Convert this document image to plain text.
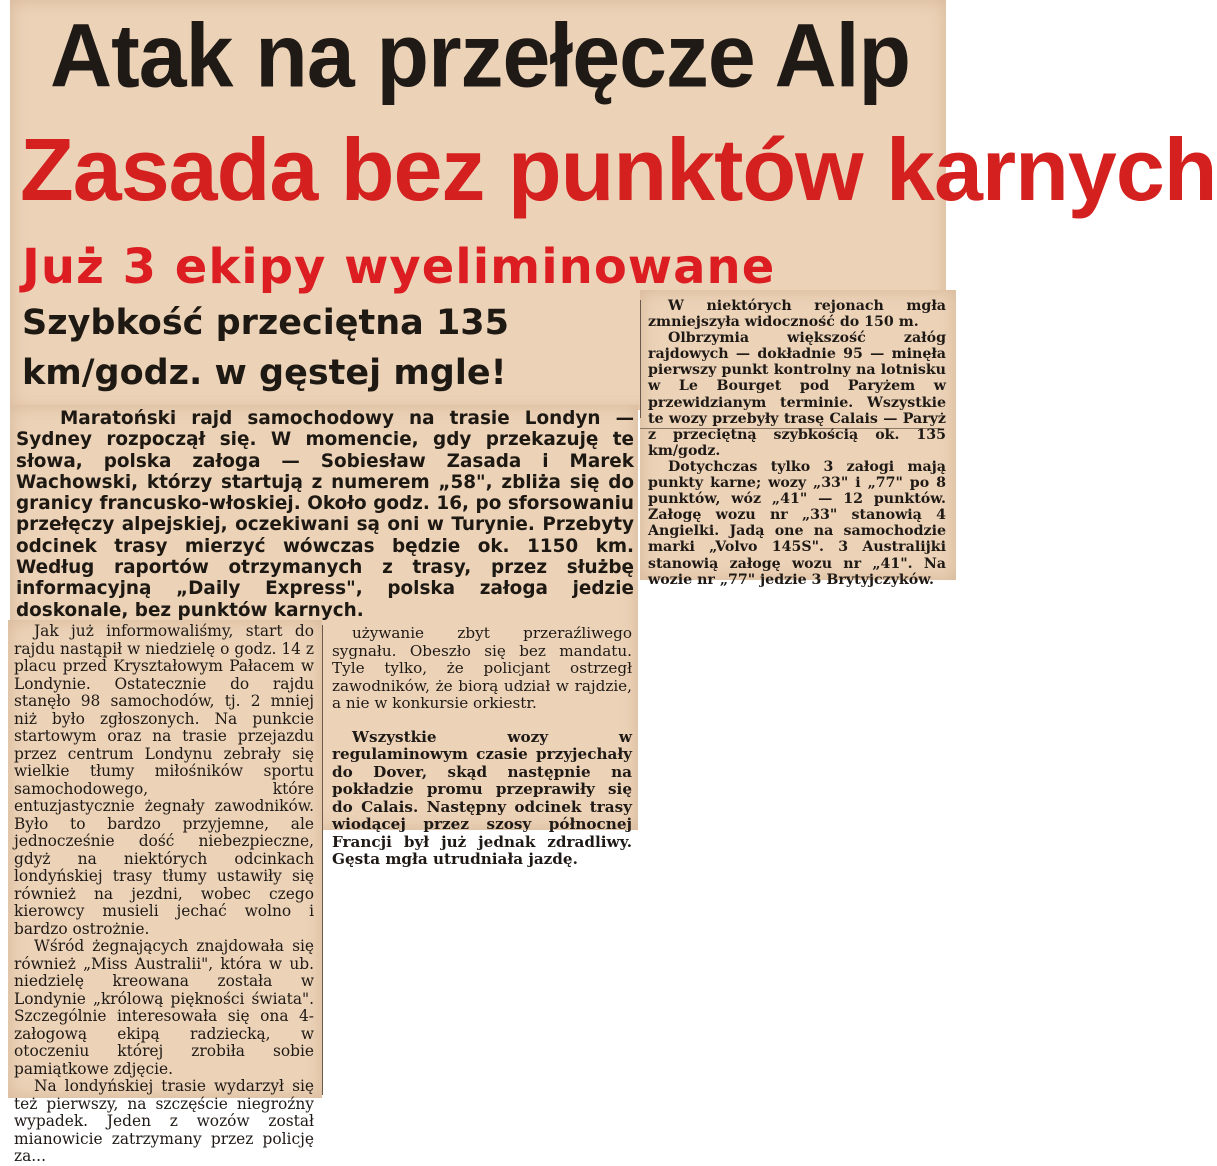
Atak na przełęcze Alp
Zasada bez punktów karnych
Już 3 ekipy wyeliminowane
Szybkość przeciętna 135 km/godz. w gęstej mgle!

Maratoński rajd samochodowy na trasie Londyn — Sydney rozpoczął się. W momencie, gdy przekazuję te słowa, polska załoga — Sobiesław Zasada i Marek Wachowski, którzy startują z numerem „58", zbliża się do granicy francusko-włoskiej. Około godz. 16, po sforsowaniu przełęczy alpejskiej, oczekiwani są oni w Turynie. Przebyty odcinek trasy mierzyć wówczas będzie ok. 1150 km. Według raportów otrzymanych z trasy, przez służbę informacyjną „Daily Express", polska załoga jedzie doskonale, bez punktów karnych.

Jak już informowaliśmy, start do rajdu nastąpił w niedzielę o godz. 14 z placu przed Kryształowym Pałacem w Londynie. Ostatecznie do rajdu stanęło 98 samochodów, tj. 2 mniej niż było zgłoszonych. Na punkcie startowym oraz na trasie przejazdu przez centrum Londynu zebrały się wielkie tłumy miłośników sportu samochodowego, które entuzjastycznie żegnały zawodników. Było to bardzo przyjemne, ale jednocześnie dość niebezpieczne, gdyż na niektórych odcinkach londyńskiej trasy tłumy ustawiły się również na jezdni, wobec czego kierowcy musieli jechać wolno i bardzo ostrożnie.

Wśród żegnających znajdowała się również „Miss Australii", która w ub. niedzielę kreowana została w Londynie „królową piękności świata". Szczególnie interesowała się ona 4-załogową ekipą radziecką, w otoczeniu której zrobiła sobie pamiątkowe zdjęcie.

Na londyńskiej trasie wydarzył się też pierwszy, na szczęście niegroźny wypadek. Jeden z wozów został mianowicie zatrzymany przez policję za...

używanie zbyt przeraźliwego sygnału. Obeszło się bez mandatu. Tyle tylko, że policjant ostrzegł zawodników, że biorą udział w rajdzie, a nie w konkursie orkiestr.

Wszystkie wozy w regulaminowym czasie przyjechały do Dover, skąd następnie na pokładzie promu przeprawiły się do Calais. Następny odcinek trasy wiodącej przez szosy północnej Francji był już jednak zdradliwy. Gęsta mgła utrudniała jazdę.

W niektórych rejonach mgła zmniejszyła widoczność do 150 m.

Olbrzymia większość załóg rajdowych — dokładnie 95 — minęła pierwszy punkt kontrolny na lotnisku w Le Bourget pod Paryżem w przewidzianym terminie. Wszystkie te wozy przebyły trasę Calais — Paryż z przeciętną szybkością ok. 135 km/godz.

Dotychczas tylko 3 załogi mają punkty karne; wozy „33" i „77" po 8 punktów, wóz „41" — 12 punktów. Załogę wozu nr „33" stanowią 4 Angielki. Jadą one na samochodzie marki „Volvo 145S". 3 Australijki stanowią załogę wozu nr „41". Na wozie nr „77" jedzie 3 Brytyjczyków.
